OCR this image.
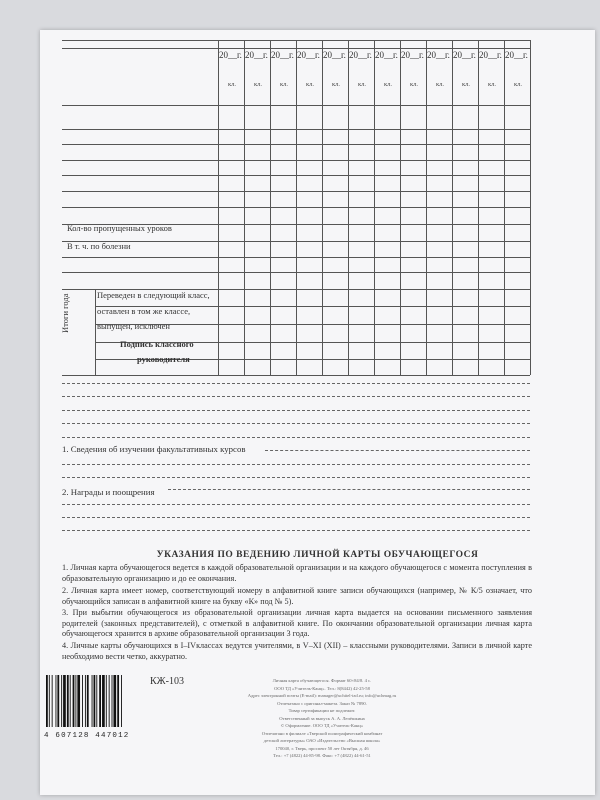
20__г.
кл.
20__г.
кл.
20__г.
кл.
20__г.
кл.
20__г.
кл.
20__г.
кл.
20__г.
кл.
20__г.
кл.
20__г.
кл.
20__г.
кл.
20__г.
кл.
20__г.
кл.
Кол-во пропущенных уроков
В т. ч. по болезни
Итоги года	Переведен в следующий класс,
оставлен в том же классе,
выпущен, исключен
Подпись классного
руководителя
1. Сведения об изучении факультативных курсов
2. Награды и поощрения
УКАЗАНИЯ ПО ВЕДЕНИЮ ЛИЧНОЙ КАРТЫ ОБУЧАЮЩЕГОСЯ
1. Личная карта обучающегося ведется в каждой образовательной организации и на каждого обучающегося с момента поступления в образовательную организацию и до ее окончания.
2. Личная карта имеет номер, соответствующий номеру в алфавитной книге записи обучающихся (например, № К/5 означает, что обучающийся записан в алфавитной книге на букву «К» под № 5).
3. При выбытии обучающегося из образовательной организации личная карта выдается на основании письменного заявления родителей (законных представителей), с отметкой в алфавитной книге. По окончании образовательной организации личная карта обучающегося хранится в архиве образовательной организации 3 года.
4. Личные карты обучающихся в I–IVклассах ведутся учителями, в V–XI (XII) – классными руководителями. Записи в личной карте необходимо вести четко, аккуратно.
4 607128 447012
КЖ-103	Личная карта обучающегося. Формат 60×84/8. 4 с.
ООО ТД «Учитель-Канц». Тел.: 8(8442) 42-25-58
Адрес электронной почты (E-mail): manager@uchitel-izd.ru; info@uchmag.ru
Отпечатано с оригинал-макета. Заказ № 7890.
Товар сертификации не подлежит.
Ответственный за выпуск А. А. Лепёшкина
© Оформление. ООО ТД «Учитель-Канц»
Отпечатано в филиале «Тверской полиграфический комбинат
детской литературы» ОАО «Издательство «Высшая школа»
170040, г. Тверь, проспект 50 лет Октября, д. 46
Тел.: +7 (4822) 44-85-98. Факс: +7 (4822) 44-61-51
